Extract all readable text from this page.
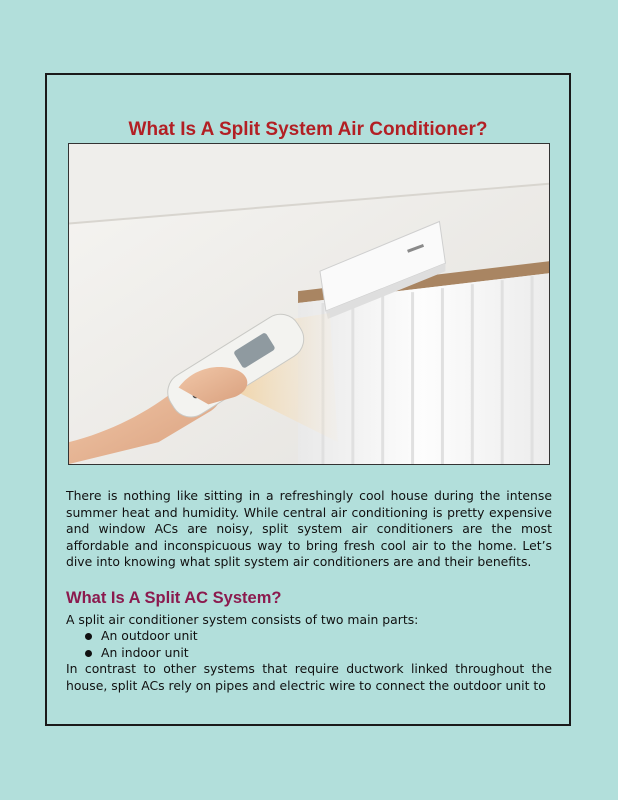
What Is A Split System Air Conditioner?

There is nothing like sitting in a refreshingly cool house during the intense summer heat and humidity. While central air conditioning is pretty expensive and window ACs are noisy, split system air conditioners are the most affordable and inconspicuous way to bring fresh cool air to the home. Let’s dive into knowing what split system air conditioners are and their benefits.

What Is A Split AC System?

A split air conditioner system consists of two main parts:

An outdoor unit
An indoor unit

In contrast to other systems that require ductwork linked throughout the house, split ACs rely on pipes and electric wire to connect the outdoor unit to
